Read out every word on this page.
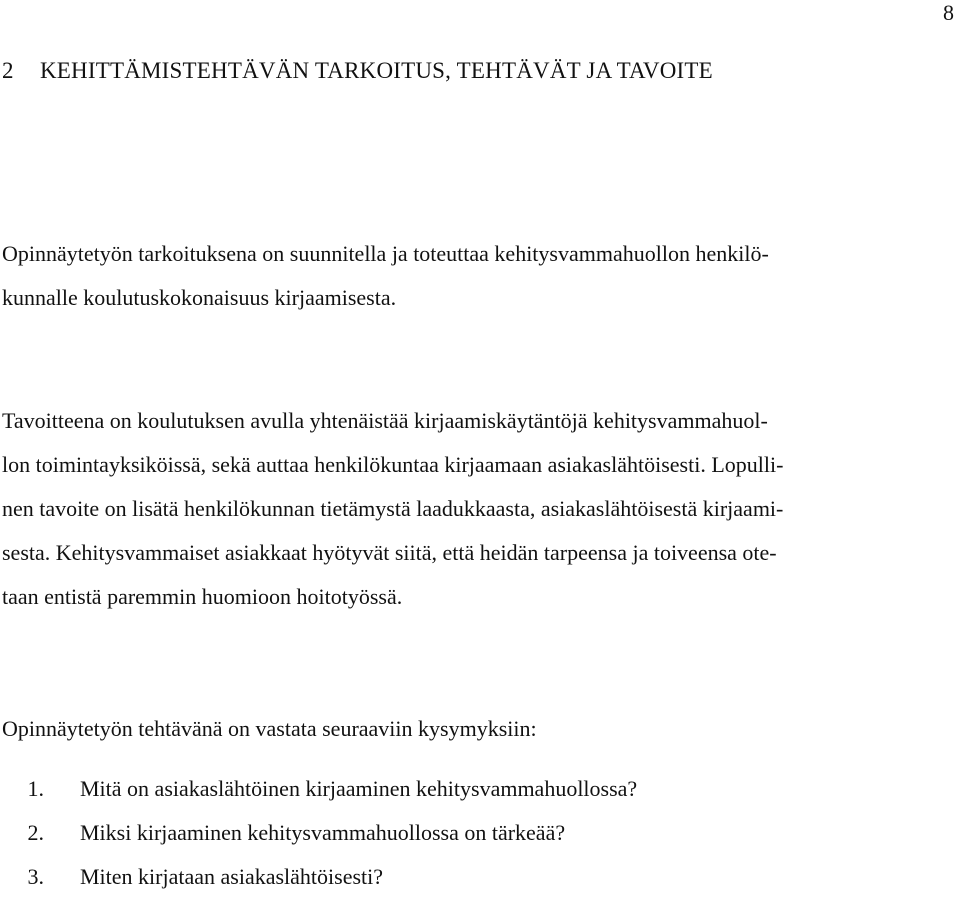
8
2 KEHITTÄMISTEHTÄVÄN TARKOITUS, TEHTÄVÄT JA TAVOITE
Opinnäytetyön tarkoituksena on suunnitella ja toteuttaa kehitysvammahuollon henkilö-
kunnalle koulutuskokonaisuus kirjaamisesta.
Tavoitteena on koulutuksen avulla yhtenäistää kirjaamiskäytäntöjä kehitysvammahuol-
lon toimintayksiköissä, sekä auttaa henkilökuntaa kirjaamaan asiakaslähtöisesti. Lopulli-
nen tavoite on lisätä henkilökunnan tietämystä laadukkaasta, asiakaslähtöisestä kirjaami-
sesta. Kehitysvammaiset asiakkaat hyötyvät siitä, että heidän tarpeensa ja toiveensa ote-
taan entistä paremmin huomioon hoitotyössä.
Opinnäytetyön tehtävänä on vastata seuraaviin kysymyksiin:
1. Mitä on asiakaslähtöinen kirjaaminen kehitysvammahuollossa?
2. Miksi kirjaaminen kehitysvammahuollossa on tärkeää?
3. Miten kirjataan asiakaslähtöisesti?
